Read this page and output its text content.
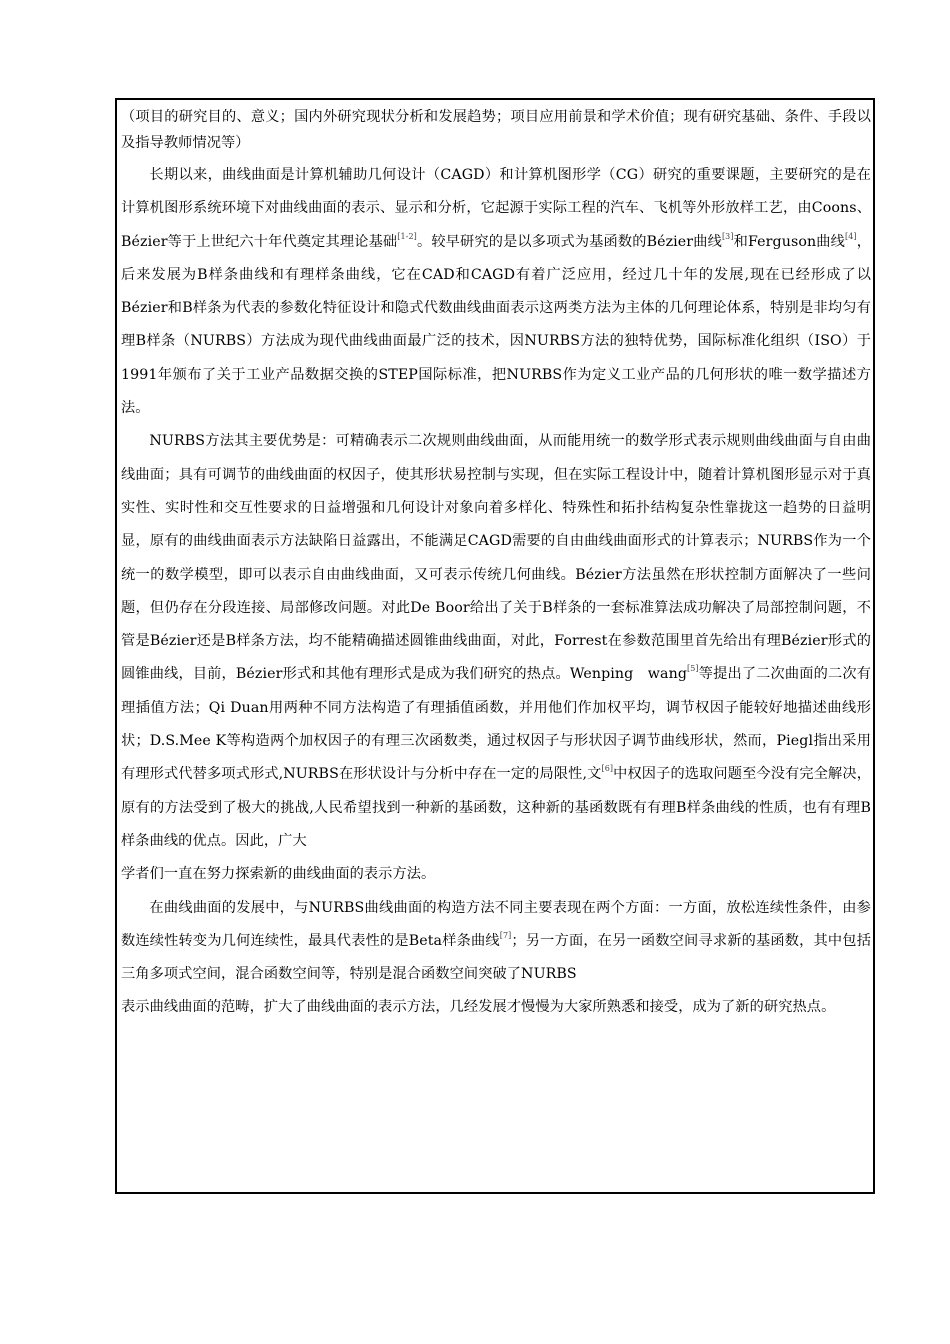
（项目的研究目的、意义；国内外研究现状分析和发展趋势；项目应用前景和学术价值；现有研究基础、条件、手段以及指导教师情况等）

长期以来，曲线曲面是计算机辅助几何设计（CAGD）和计算机图形学（CG）研究的重要课题，主要研究的是在计算机图形系统环境下对曲线曲面的表示、显示和分析，它起源于实际工程的汽车、飞机等外形放样工艺，由Coons、Bézier等于上世纪六十年代奠定其理论基础[1-2]。较早研究的是以多项式为基函数的Bézier曲线[3]和Ferguson曲线[4]，后来发展为B样条曲线和有理样条曲线，它在CAD和CAGD有着广泛应用，经过几十年的发展,现在已经形成了以Bézier和B样条为代表的参数化特征设计和隐式代数曲线曲面表示这两类方法为主体的几何理论体系，特别是非均匀有理B样条（NURBS）方法成为现代曲线曲面最广泛的技术，因NURBS方法的独特优势，国际标准化组织（ISO）于1991年颁布了关于工业产品数据交换的STEP国际标准，把NURBS作为定义工业产品的几何形状的唯一数学描述方法。

NURBS方法其主要优势是：可精确表示二次规则曲线曲面，从而能用统一的数学形式表示规则曲线曲面与自由曲线曲面；具有可调节的曲线曲面的权因子，使其形状易控制与实现，但在实际工程设计中，随着计算机图形显示对于真实性、实时性和交互性要求的日益增强和几何设计对象向着多样化、特殊性和拓扑结构复杂性靠拢这一趋势的日益明显，原有的曲线曲面表示方法缺陷日益露出，不能满足CAGD需要的自由曲线曲面形式的计算表示；NURBS作为一个统一的数学模型，即可以表示自由曲线曲面，又可表示传统几何曲线。Bézier方法虽然在形状控制方面解决了一些问题，但仍存在分段连接、局部修改问题。对此De Boor给出了关于B样条的一套标准算法成功解决了局部控制问题，不管是Bézier还是B样条方法，均不能精确描述圆锥曲线曲面，对此，Forrest在参数范围里首先给出有理Bézier形式的圆锥曲线，目前，Bézier形式和其他有理形式是成为我们研究的热点。Wenping　wang[5]等提出了二次曲面的二次有理插值方法；Qi Duan用两种不同方法构造了有理插值函数，并用他们作加权平均，调节权因子能较好地描述曲线形状；D.S.Mee K等构造两个加权因子的有理三次函数类，通过权因子与形状因子调节曲线形状，然而，Piegl指出采用有理形式代替多项式形式,NURBS在形状设计与分析中存在一定的局限性,文[6]中权因子的选取问题至今没有完全解决，原有的方法受到了极大的挑战,人民希望找到一种新的基函数，这种新的基函数既有有理B样条曲线的性质，也有有理B样条曲线的优点。因此，广大

学者们一直在努力探索新的曲线曲面的表示方法。

在曲线曲面的发展中，与NURBS曲线曲面的构造方法不同主要表现在两个方面：一方面，放松连续性条件，由参数连续性转变为几何连续性，最具代表性的是Beta样条曲线[7]；另一方面，在另一函数空间寻求新的基函数，其中包括三角多项式空间，混合函数空间等，特别是混合函数空间突破了NURBS

表示曲线曲面的范畴，扩大了曲线曲面的表示方法，几经发展才慢慢为大家所熟悉和接受，成为了新的研究热点。
